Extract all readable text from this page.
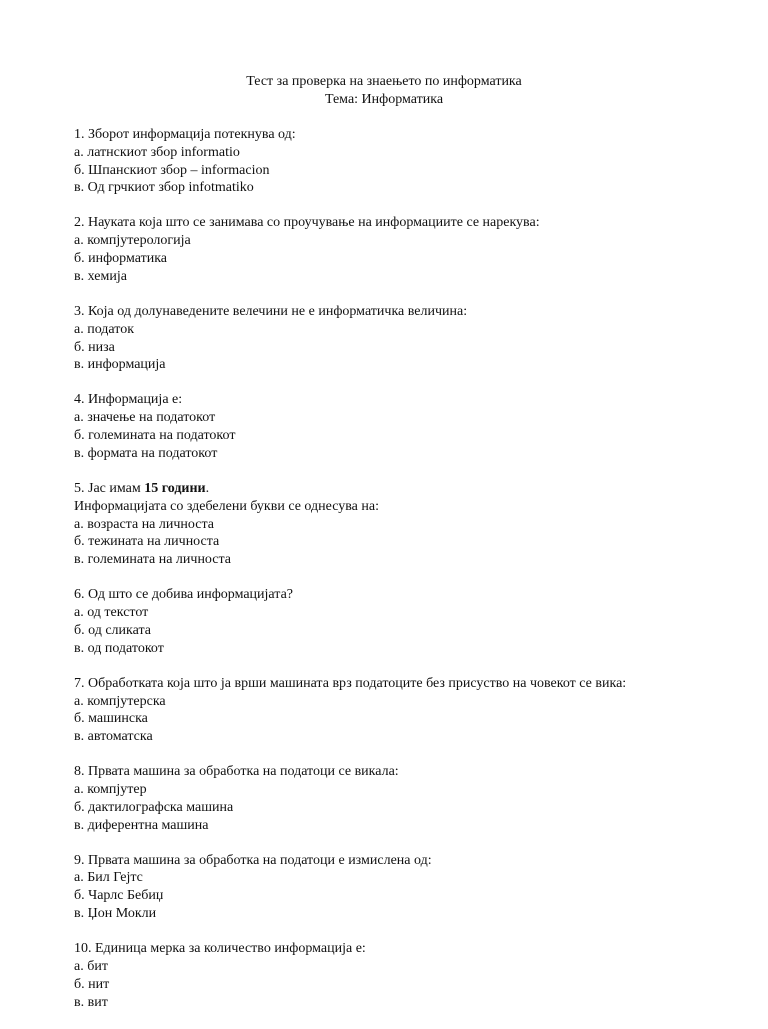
Тест за проверка на знаењето по информатика
Тема: Информатика
1. Зборот информација потекнува од:
а. латнскиот збор informatio
б. Шпанскиот збор – informacion
в. Од грчкиот збор infotmatiko
2. Науката која што се занимава со проучување на информациите се нарекува:
а. компјутерологија
б. информатика
в. хемија
3. Која од долунаведените велечини не е информатичка величина:
а. податок
б. низа
в. информација
4. Информација е:
а. значење на податокот
б. големината на податокот
в. формата на податокот
5. Јас имам 15 години.
Информацијата со здебелени букви се однесува на:
а. возраста на личноста
б. тежината на личноста
в. големината на личноста
6. Од што се добива информацијата?
а. од текстот
б. од сликата
в. од податокот
7. Обработката која што ја врши машината врз податоците без присуство на човекот се вика:
а. компјутерска
б. машинска
в. автоматска
8. Првата машина за обработка на податоци се викала:
а. компјутер
б. дактилографска машина
в. диферентна машина
9. Првата машина за обработка на податоци е измислена од:
а. Бил Гејтс
б. Чарлс Бебиџ
в. Џон Мокли
10. Единица мерка за количество информација е:
а. бит
б. нит
в. вит
